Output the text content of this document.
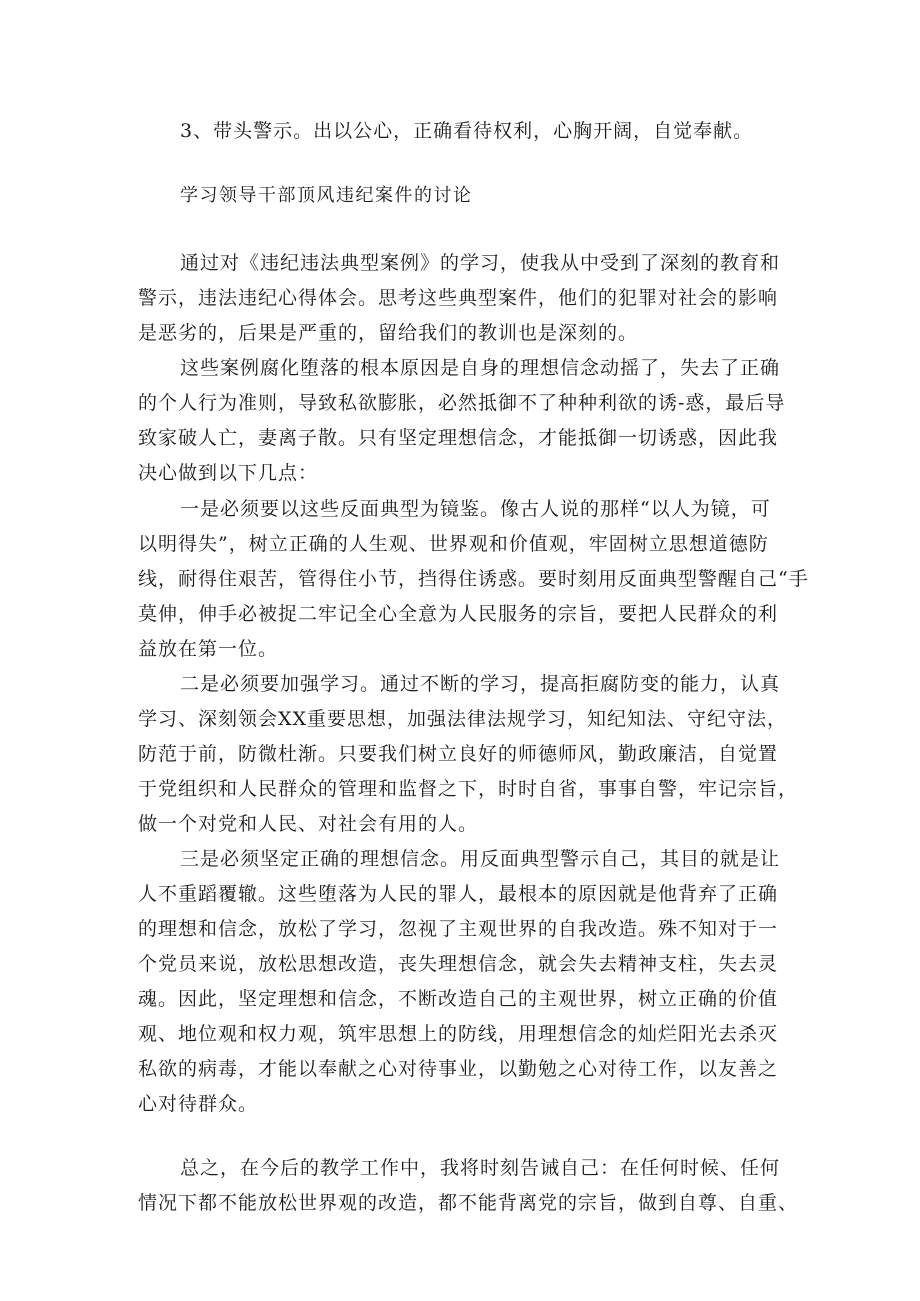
3、带头警示。出以公心，正确看待权利，心胸开阔，自觉奉献。
学习领导干部顶风违纪案件的讨论
通过对《违纪违法典型案例》的学习，使我从中受到了深刻的教育和
警示，违法违纪心得体会。思考这些典型案件，他们的犯罪对社会的影响
是恶劣的，后果是严重的，留给我们的教训也是深刻的。
这些案例腐化堕落的根本原因是自身的理想信念动摇了，失去了正确
的个人行为准则，导致私欲膨胀，必然抵御不了种种利欲的诱-惑，最后导
致家破人亡，妻离子散。只有坚定理想信念，才能抵御一切诱惑，因此我
决心做到以下几点：
一是必须要以这些反面典型为镜鉴。像古人说的那样“以人为镜，可
以明得失”，树立正确的人生观、世界观和价值观，牢固树立思想道德防
线，耐得住艰苦，管得住小节，挡得住诱惑。要时刻用反面典型警醒自己“手
莫伸，伸手必被捉二牢记全心全意为人民服务的宗旨，要把人民群众的利
益放在第一位。
二是必须要加强学习。通过不断的学习，提高拒腐防变的能力，认真
学习、深刻领会XX重要思想，加强法律法规学习，知纪知法、守纪守法，
防范于前，防微杜渐。只要我们树立良好的师德师风，勤政廉洁，自觉置
于党组织和人民群众的管理和监督之下，时时自省，事事自警，牢记宗旨，
做一个对党和人民、对社会有用的人。
三是必须坚定正确的理想信念。用反面典型警示自己，其目的就是让
人不重蹈覆辙。这些堕落为人民的罪人，最根本的原因就是他背弃了正确
的理想和信念，放松了学习，忽视了主观世界的自我改造。殊不知对于一
个党员来说，放松思想改造，丧失理想信念，就会失去精神支柱，失去灵
魂。因此，坚定理想和信念，不断改造自己的主观世界，树立正确的价值
观、地位观和权力观，筑牢思想上的防线，用理想信念的灿烂阳光去杀灭
私欲的病毒，才能以奉献之心对待事业，以勤勉之心对待工作，以友善之
心对待群众。
总之，在今后的教学工作中，我将时刻告诫自己：在任何时候、任何
情况下都不能放松世界观的改造，都不能背离党的宗旨，做到自尊、自重、
